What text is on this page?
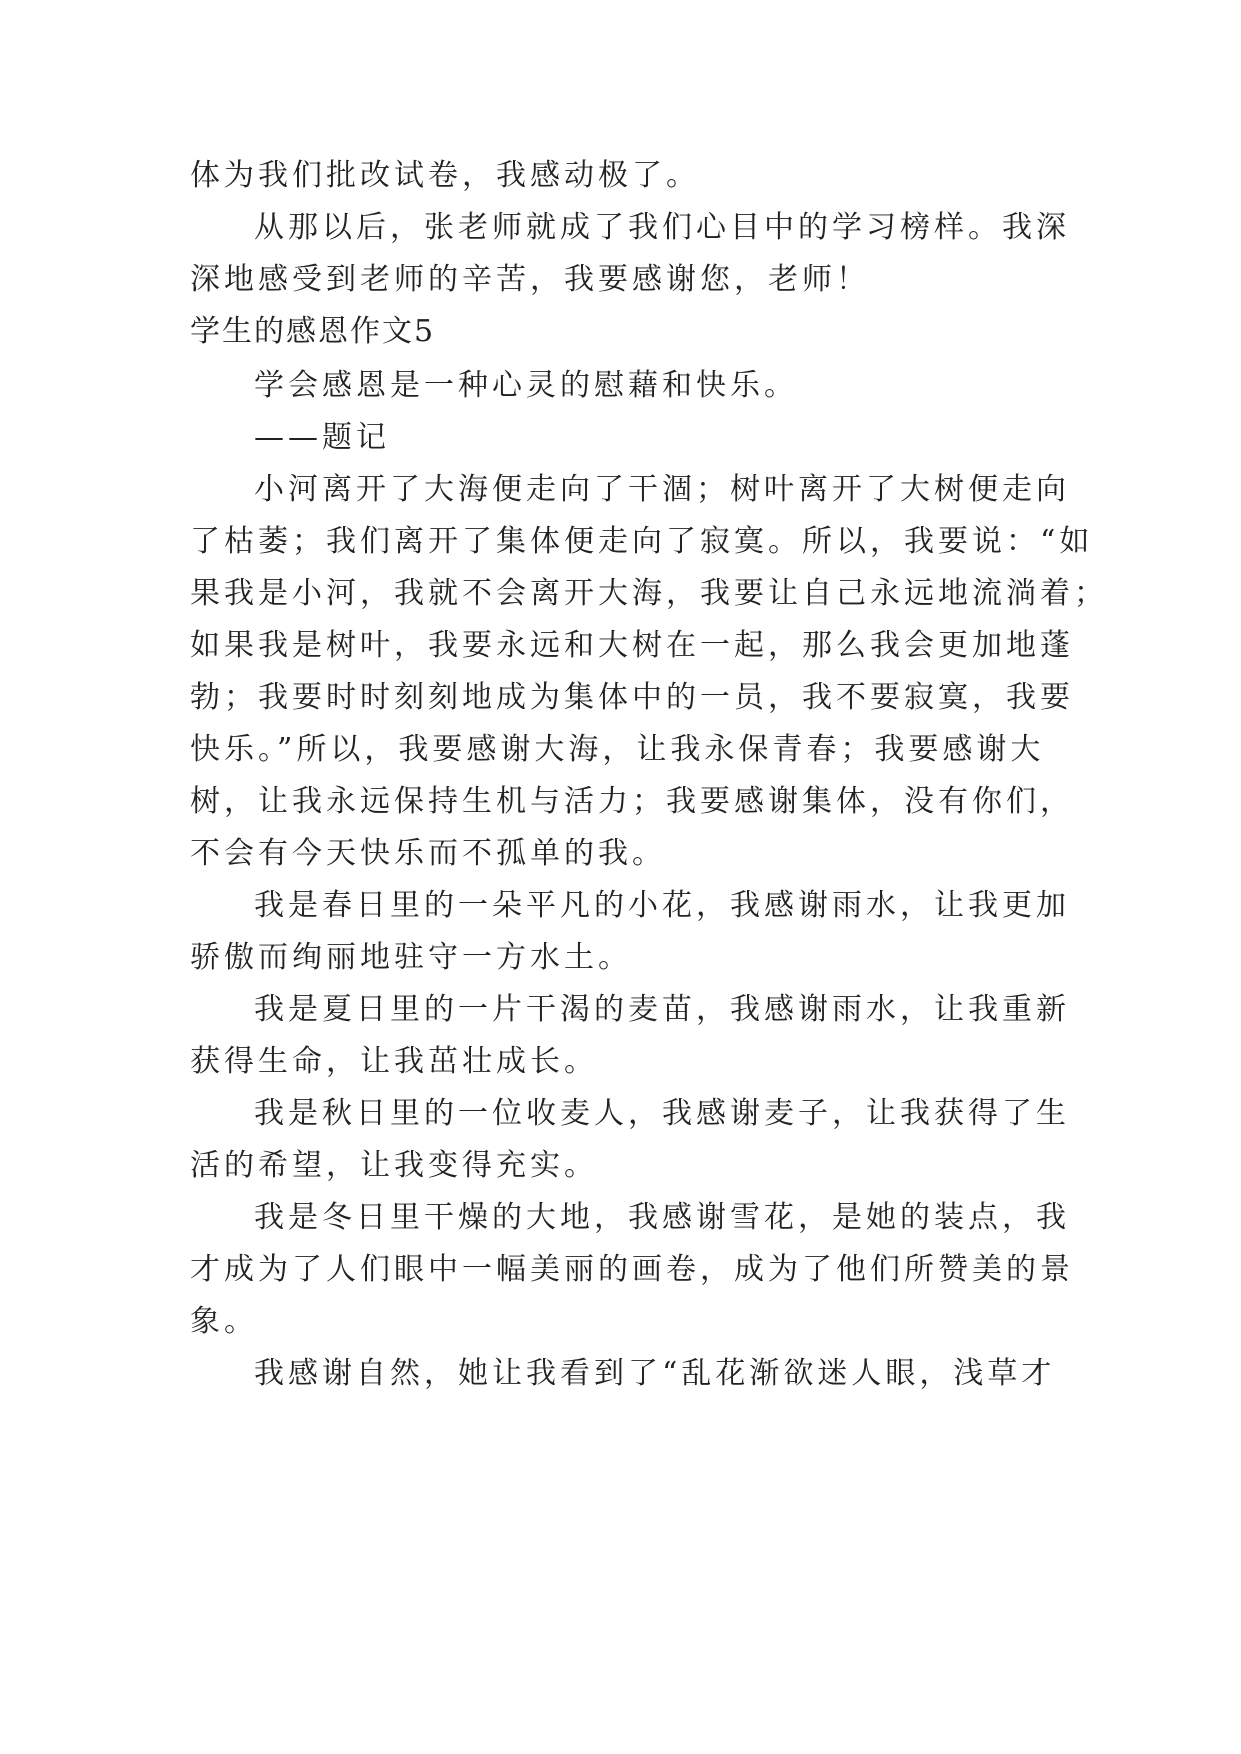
体为我们批改试卷，我感动极了。
从那以后，张老师就成了我们心目中的学习榜样。我深
深地感受到老师的辛苦，我要感谢您，老师！
学生的感恩作文5
学会感恩是一种心灵的慰藉和快乐。
——题记
小河离开了大海便走向了干涸；树叶离开了大树便走向
了枯萎；我们离开了集体便走向了寂寞。所以，我要说：“如
果我是小河，我就不会离开大海，我要让自己永远地流淌着；
如果我是树叶，我要永远和大树在一起，那么我会更加地蓬
勃；我要时时刻刻地成为集体中的一员，我不要寂寞，我要
快乐。”所以，我要感谢大海，让我永保青春；我要感谢大
树，让我永远保持生机与活力；我要感谢集体，没有你们，
不会有今天快乐而不孤单的我。
我是春日里的一朵平凡的小花，我感谢雨水，让我更加
骄傲而绚丽地驻守一方水土。
我是夏日里的一片干渴的麦苗，我感谢雨水，让我重新
获得生命，让我茁壮成长。
我是秋日里的一位收麦人，我感谢麦子，让我获得了生
活的希望，让我变得充实。
我是冬日里干燥的大地，我感谢雪花，是她的装点，我
才成为了人们眼中一幅美丽的画卷，成为了他们所赞美的景
象。
我感谢自然，她让我看到了“乱花渐欲迷人眼，浅草才
